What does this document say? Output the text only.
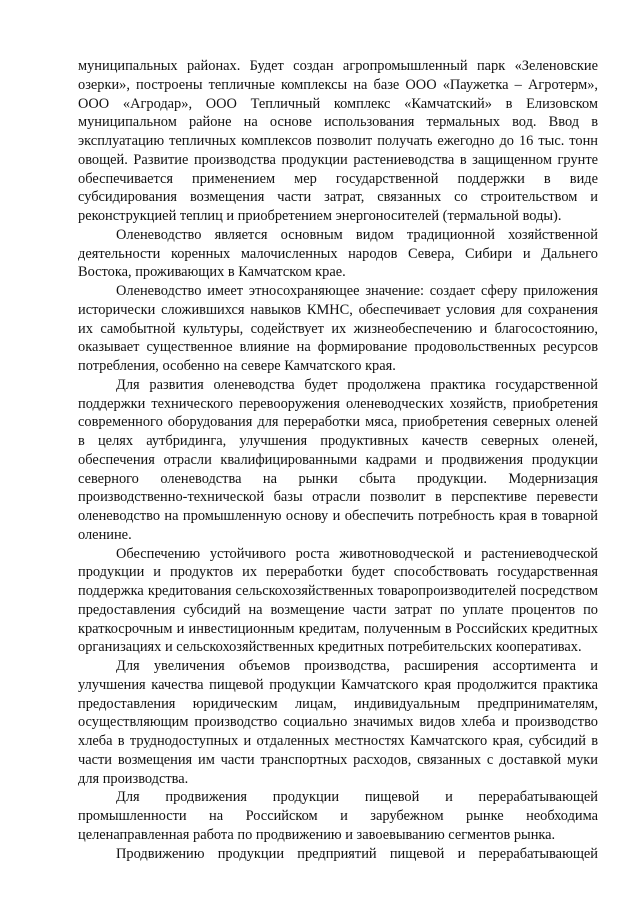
муниципальных районах. Будет создан агропромышленный парк «Зеленовские озерки», построены тепличные комплексы на базе ООО «Паужетка – Агротерм», ООО «Агродар», ООО Тепличный комплекс «Камчатский» в Елизовском муниципальном районе на основе использования термальных вод. Ввод в эксплуатацию тепличных комплексов позволит получать ежегодно до 16 тыс. тонн овощей. Развитие производства продукции растениеводства в защищенном грунте обеспечивается применением мер государственной поддержки в виде субсидирования возмещения части затрат, связанных со строительством и реконструкцией теплиц и приобретением энергоносителей (термальной воды).

Оленеводство является основным видом традиционной хозяйственной деятельности коренных малочисленных народов Севера, Сибири и Дальнего Востока, проживающих в Камчатском крае.

Оленеводство имеет этносохраняющее значение: создает сферу приложения исторически сложившихся навыков КМНС, обеспечивает условия для сохранения их самобытной культуры, содействует их жизнеобеспечению и благосостоянию, оказывает существенное влияние на формирование продовольственных ресурсов потребления, особенно на севере Камчатского края.

Для развития оленеводства будет продолжена практика государственной поддержки технического перевооружения оленеводческих хозяйств, приобретения современного оборудования для переработки мяса, приобретения северных оленей в целях аутбридинга, улучшения продуктивных качеств северных оленей, обеспечения отрасли квалифицированными кадрами и продвижения продукции северного оленеводства на рынки сбыта продукции. Модернизация производственно-технической базы отрасли позволит в перспективе перевести оленеводство на промышленную основу и обеспечить потребность края в товарной оленине.

Обеспечению устойчивого роста животноводческой и растениеводческой продукции и продуктов их переработки будет способствовать государственная поддержка кредитования сельскохозяйственных товаропроизводителей посредством предоставления субсидий на возмещение части затрат по уплате процентов по краткосрочным и инвестиционным кредитам, полученным в Российских кредитных организациях и сельскохозяйственных кредитных потребительских кооперативах.

Для увеличения объемов производства, расширения ассортимента и улучшения качества пищевой продукции Камчатского края продолжится практика предоставления юридическим лицам, индивидуальным предпринимателям, осуществляющим производство социально значимых видов хлеба и производство хлеба в труднодоступных и отдаленных местностях Камчатского края, субсидий в части возмещения им части транспортных расходов, связанных с доставкой муки для производства.

Для продвижения продукции пищевой и перерабатывающей промышленности на Российском и зарубежном рынке необходима целенаправленная работа по продвижению и завоевыванию сегментов рынка.

Продвижению продукции предприятий пищевой и перерабатывающей
